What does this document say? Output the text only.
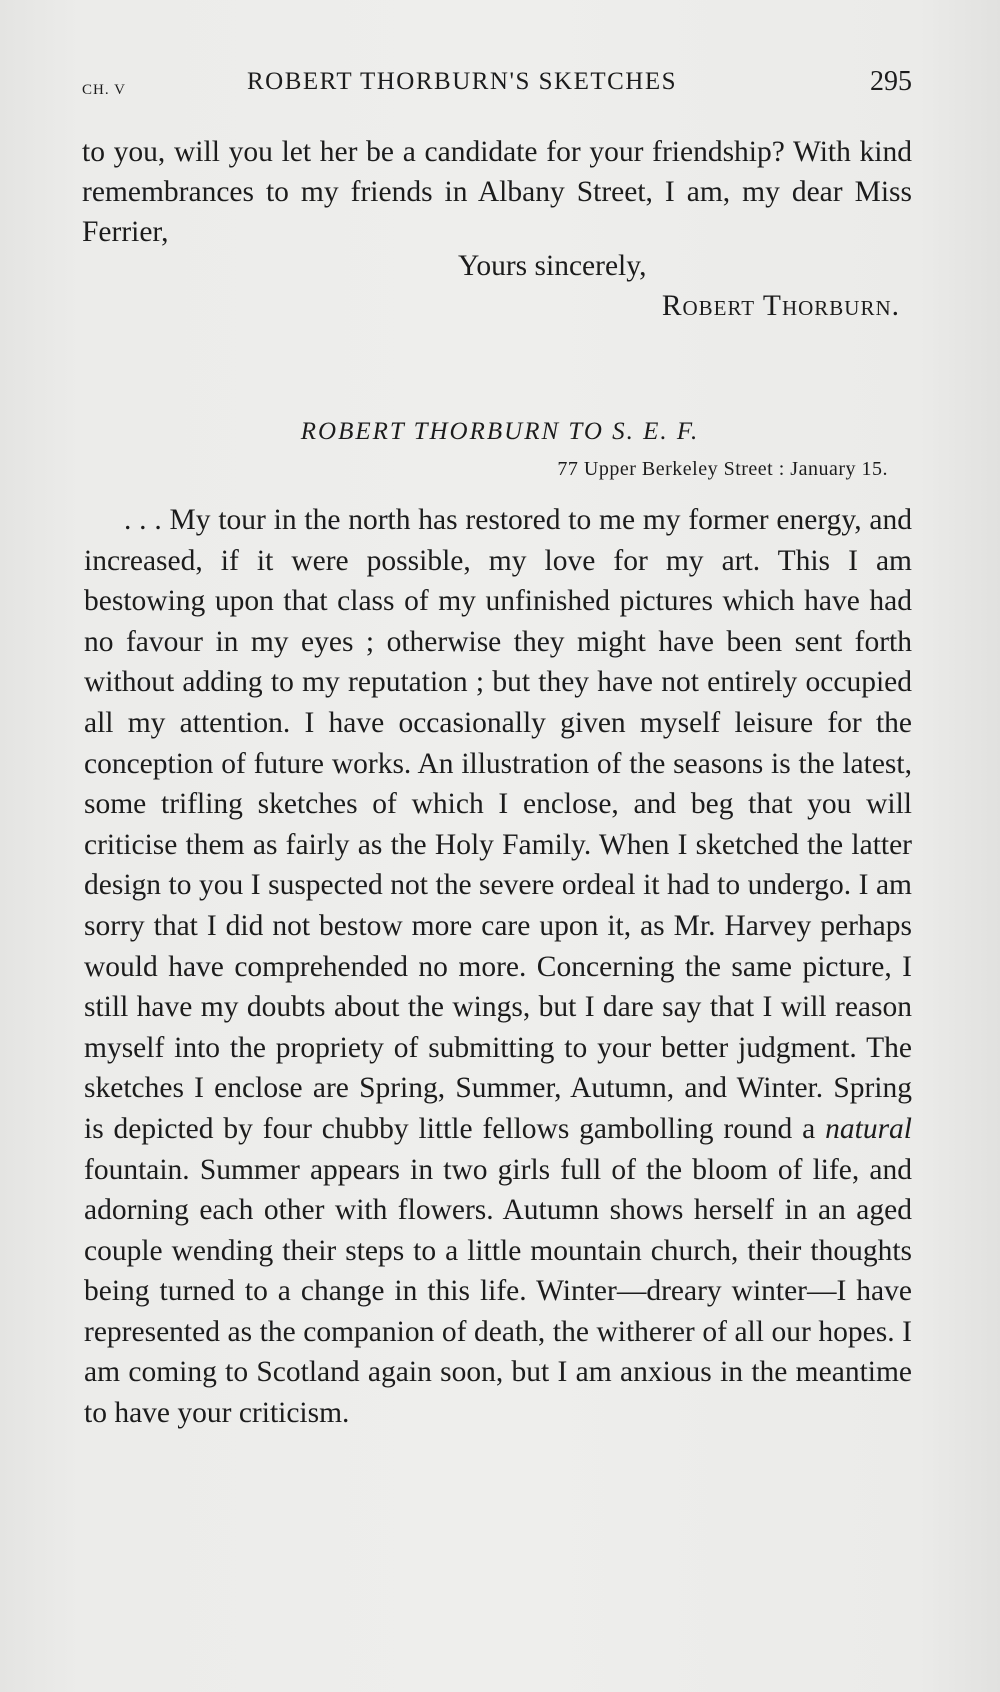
CH. V	ROBERT THORBURN'S SKETCHES	295
to you, will you let her be a candidate for your friendship? With kind remembrances to my friends in Albany Street, I am, my dear Miss Ferrier,
Yours sincerely,
Robert Thorburn.
ROBERT THORBURN TO S. E. F.
77 Upper Berkeley Street : January 15.
. . . My tour in the north has restored to me my former energy, and increased, if it were possible, my love for my art. This I am bestowing upon that class of my unfinished pictures which have had no favour in my eyes ; otherwise they might have been sent forth without adding to my reputation ; but they have not entirely occupied all my attention. I have occasionally given myself leisure for the conception of future works. An illustration of the seasons is the latest, some trifling sketches of which I enclose, and beg that you will criticise them as fairly as the Holy Family. When I sketched the latter design to you I suspected not the severe ordeal it had to undergo. I am sorry that I did not bestow more care upon it, as Mr. Harvey perhaps would have comprehended no more. Concerning the same picture, I still have my doubts about the wings, but I dare say that I will reason myself into the propriety of submitting to your better judgment. The sketches I enclose are Spring, Summer, Autumn, and Winter. Spring is depicted by four chubby little fellows gambolling round a natural fountain. Summer appears in two girls full of the bloom of life, and adorning each other with flowers. Autumn shows herself in an aged couple wending their steps to a little mountain church, their thoughts being turned to a change in this life. Winter—dreary winter—I have represented as the companion of death, the witherer of all our hopes. I am coming to Scotland again soon, but I am anxious in the meantime to have your criticism.
